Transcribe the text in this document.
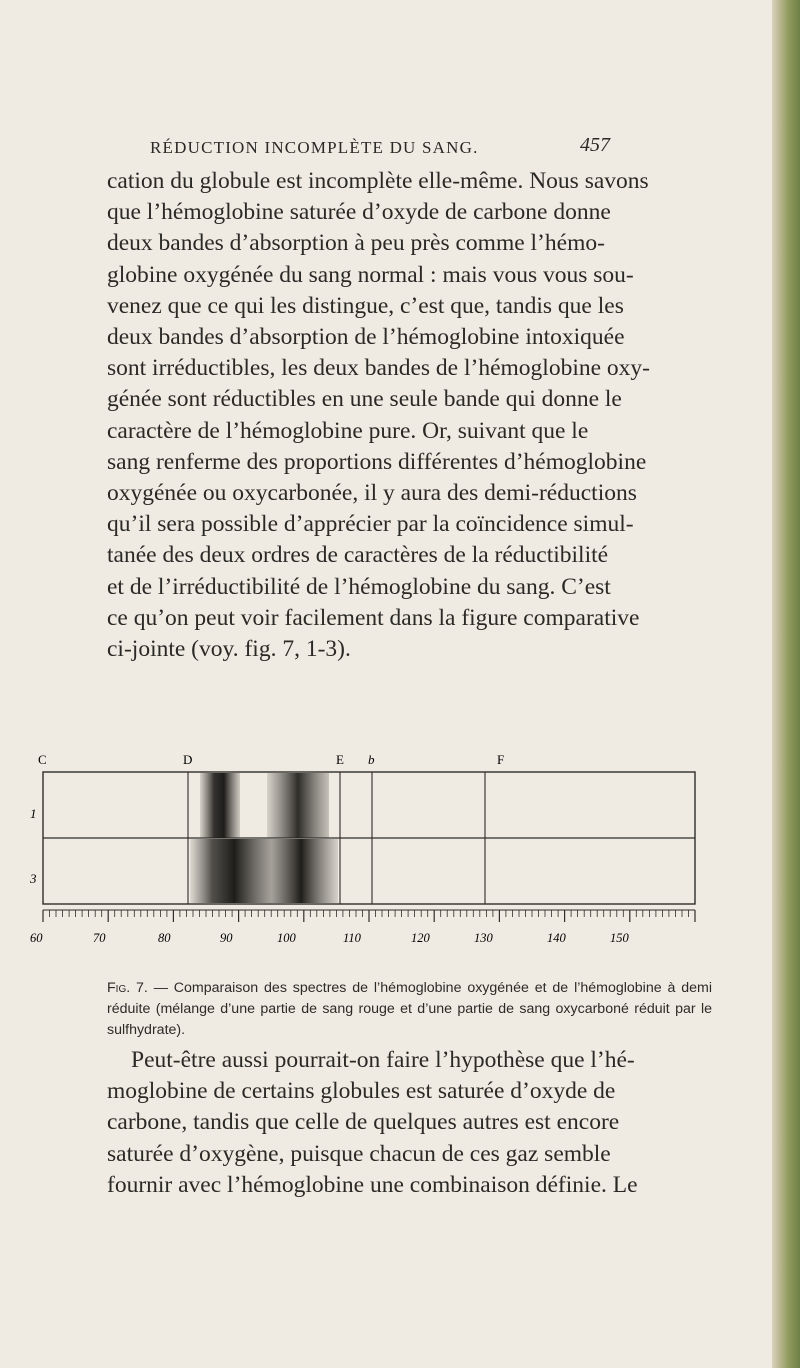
RÉDUCTION INCOMPLÈTE DU SANG.	457

cation du globule est incomplète elle-même. Nous savons

que l’hémoglobine saturée d’oxyde de carbone donne

deux bandes d’absorption à peu près comme l’hémo-

globine oxygénée du sang normal : mais vous vous sou-

venez que ce qui les distingue, c’est que, tandis que les

deux bandes d’absorption de l’hémoglobine intoxiquée

sont irréductibles, les deux bandes de l’hémoglobine oxy-

génée sont réductibles en une seule bande qui donne le

caractère de l’hémoglobine pure. Or, suivant que le

sang renferme des proportions différentes d’hémoglobine

oxygénée ou oxycarbonée, il y aura des demi-réductions

qu’il sera possible d’apprécier par la coïncidence simul-

tanée des deux ordres de caractères de la réductibilité

et de l’irréductibilité de l’hémoglobine du sang. C’est

ce qu’on peut voir facilement dans la figure comparative

ci-jointe (voy. fig. 7, 1-3).

C	D	E b	F
1
3
60	70	80	90	100	110	120	130	140	150
Fig. 7. — Comparaison des spectres de l’hémoglobine oxygénée et de l’hémoglobine à demi réduite (mélange d’une partie de sang rouge et d’une partie de sang oxycarboné réduit par le sulfhydrate).

Peut-être aussi pourrait-on faire l’hypothèse que l’hé-

moglobine de certains globules est saturée d’oxyde de

carbone, tandis que celle de quelques autres est encore

saturée d’oxygène, puisque chacun de ces gaz semble

fournir avec l’hémoglobine une combinaison définie. Le
